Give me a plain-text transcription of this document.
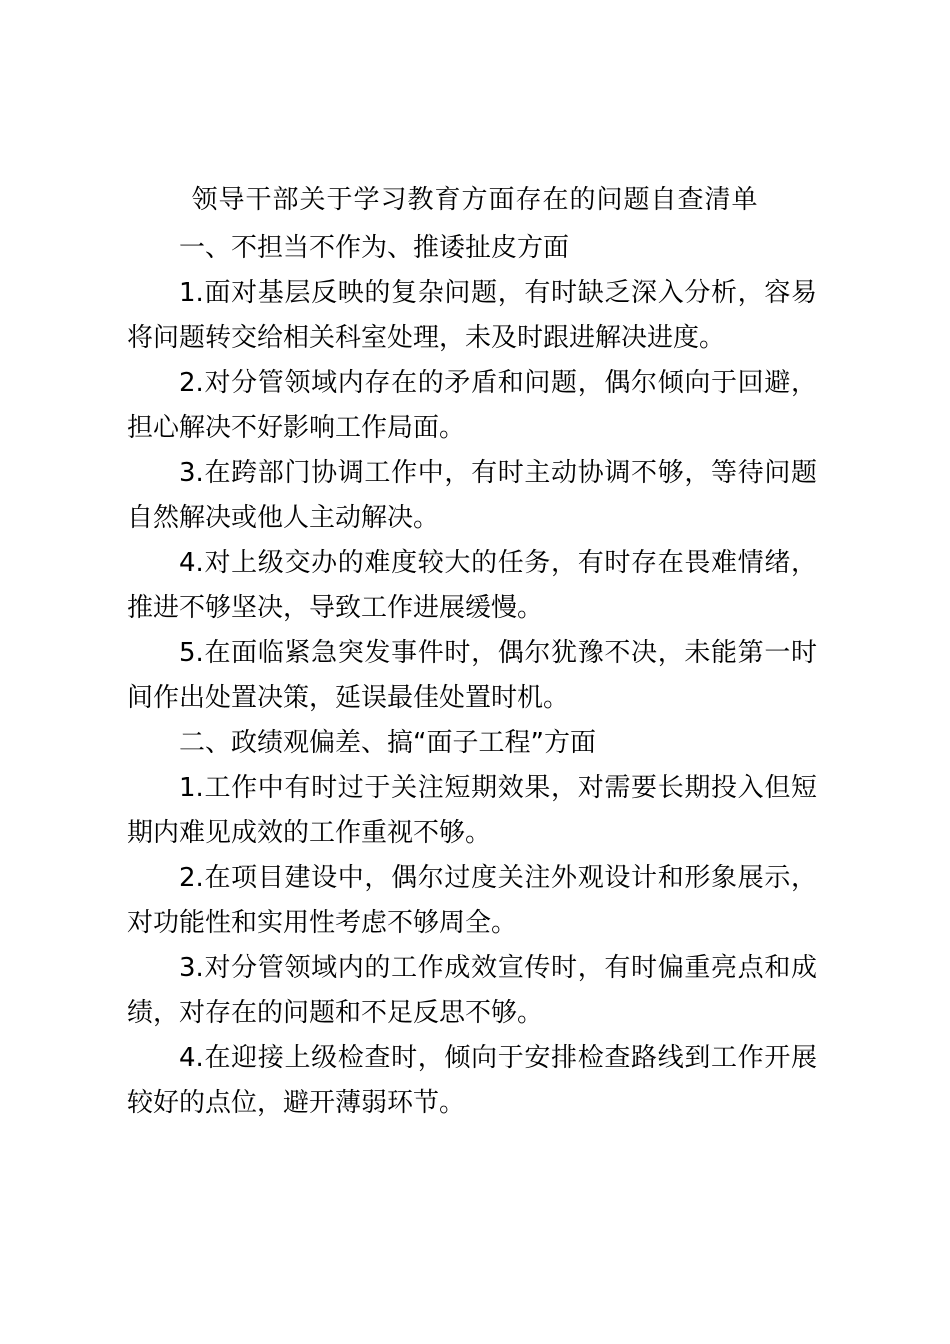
领导干部关于学习教育方面存在的问题自查清单

一、不担当不作为、推诿扯皮方面

1.面对基层反映的复杂问题，有时缺乏深入分析，容易将问题转交给相关科室处理，未及时跟进解决进度。

2.对分管领域内存在的矛盾和问题，偶尔倾向于回避，担心解决不好影响工作局面。

3.在跨部门协调工作中，有时主动协调不够，等待问题自然解决或他人主动解决。

4.对上级交办的难度较大的任务，有时存在畏难情绪，推进不够坚决，导致工作进展缓慢。

5.在面临紧急突发事件时，偶尔犹豫不决，未能第一时间作出处置决策，延误最佳处置时机。

二、政绩观偏差、搞“面子工程”方面

1.工作中有时过于关注短期效果，对需要长期投入但短期内难见成效的工作重视不够。

2.在项目建设中，偶尔过度关注外观设计和形象展示，对功能性和实用性考虑不够周全。

3.对分管领域内的工作成效宣传时，有时偏重亮点和成绩，对存在的问题和不足反思不够。

4.在迎接上级检查时，倾向于安排检查路线到工作开展较好的点位，避开薄弱环节。
